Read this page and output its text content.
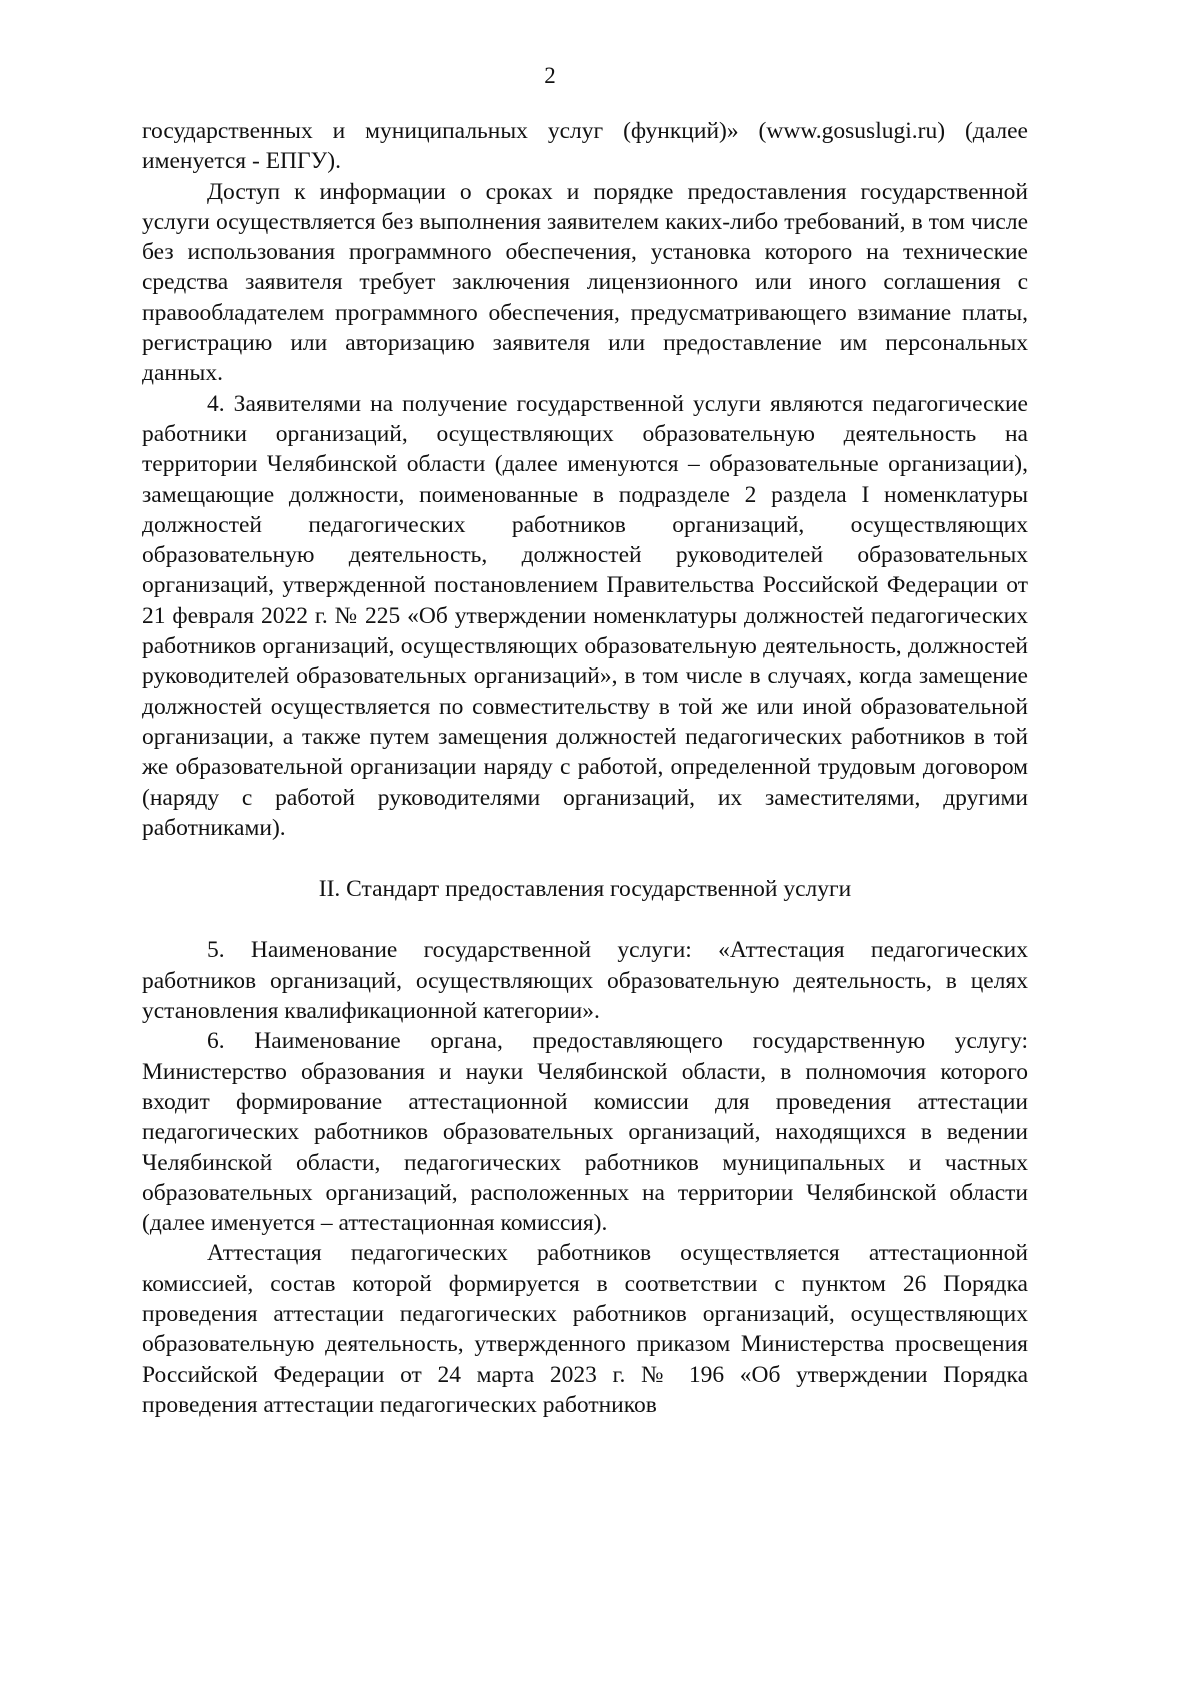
2

государственных и муниципальных услуг (функций)» (www.gosuslugi.ru) (далее именуется - ЕПГУ).

Доступ к информации о сроках и порядке предоставления государственной услуги осуществляется без выполнения заявителем каких-либо требований, в том числе без использования программного обеспечения, установка которого на технические средства заявителя требует заключения лицензионного или иного соглашения с правообладателем программного обеспечения, предусматривающего взимание платы, регистрацию или авторизацию заявителя или предоставление им персональных данных.

4. Заявителями на получение государственной услуги являются педагогические работники организаций, осуществляющих образовательную деятельность на территории Челябинской области (далее именуются – образовательные организации), замещающие должности, поименованные в подразделе 2 раздела I номенклатуры должностей педагогических работников организаций, осуществляющих образовательную деятельность, должностей руководителей образовательных организаций, утвержденной постановлением Правительства Российской Федерации от 21 февраля 2022 г. № 225 «Об утверждении номенклатуры должностей педагогических работников организаций, осуществляющих образовательную деятельность, должностей руководителей образовательных организаций», в том числе в случаях, когда замещение должностей осуществляется по совместительству в той же или иной образовательной организации, а также путем замещения должностей педагогических работников в той же образовательной организации наряду с работой, определенной трудовым договором (наряду с работой руководителями организаций, их заместителями, другими работниками).

II. Стандарт предоставления государственной услуги

5. Наименование государственной услуги: «Аттестация педагогических работников организаций, осуществляющих образовательную деятельность, в целях установления квалификационной категории».

6. Наименование органа, предоставляющего государственную услугу: Министерство образования и науки Челябинской области, в полномочия которого входит формирование аттестационной комиссии для проведения аттестации педагогических работников образовательных организаций, находящихся в ведении Челябинской области, педагогических работников муниципальных и частных образовательных организаций, расположенных на территории Челябинской области (далее именуется – аттестационная комиссия).

Аттестация педагогических работников осуществляется аттестационной комиссией, состав которой формируется в соответствии с пунктом 26 Порядка проведения аттестации педагогических работников организаций, осуществляющих образовательную деятельность, утвержденного приказом Министерства просвещения Российской Федерации от 24 марта 2023 г. № 196 «Об утверждении Порядка проведения аттестации педагогических работников
